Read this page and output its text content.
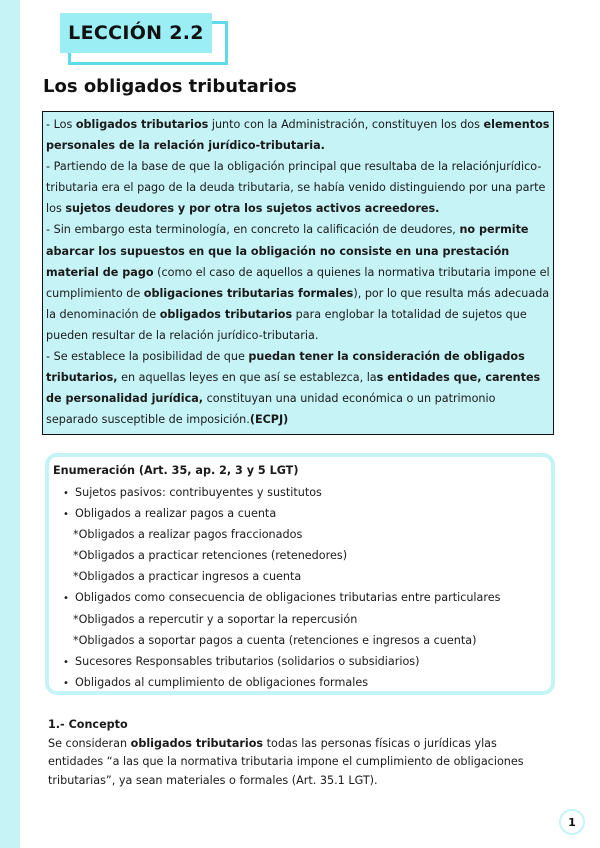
LECCIÓN 2.2
Los obligados tributarios

- Los obligados tributarios junto con la Administración, constituyen los dos elementos personales de la relación jurídico-tributaria.

- Partiendo de la base de que la obligación principal que resultaba de la relaciónjurídico-tributaria era el pago de la deuda tributaria, se había venido distinguiendo por una parte los sujetos deudores y por otra los sujetos activos acreedores.

- Sin embargo esta terminología, en concreto la calificación de deudores, no permite abarcar los supuestos en que la obligación no consiste en una prestación material de pago (como el caso de aquellos a quienes la normativa tributaria impone el cumplimiento de obligaciones tributarias formales), por lo que resulta más adecuada la denominación de obligados tributarios para englobar la totalidad de sujetos que pueden resultar de la relación jurídico-tributaria.

- Se establece la posibilidad de que puedan tener la consideración de obligados tributarios, en aquellas leyes en que así se establezca, las entidades que, carentes de personalidad jurídica, constituyan una unidad económica o un patrimonio separado susceptible de imposición.(ECPJ)

Enumeración (Art. 35, ap. 2, 3 y 5 LGT)
• Sujetos pasivos: contribuyentes y sustitutos
• Obligados a realizar pagos a cuenta
*Obligados a realizar pagos fraccionados
*Obligados a practicar retenciones (retenedores)
*Obligados a practicar ingresos a cuenta
• Obligados como consecuencia de obligaciones tributarias entre particulares
*Obligados a repercutir y a soportar la repercusión
*Obligados a soportar pagos a cuenta (retenciones e ingresos a cuenta)
• Sucesores Responsables tributarios (solidarios o subsidiarios)
• Obligados al cumplimiento de obligaciones formales
1.- Concepto
Se consideran obligados tributarios todas las personas físicas o jurídicas ylas entidades “a las que la normativa tributaria impone el cumplimiento de obligaciones tributarias”, ya sean materiales o formales (Art. 35.1 LGT).
1
